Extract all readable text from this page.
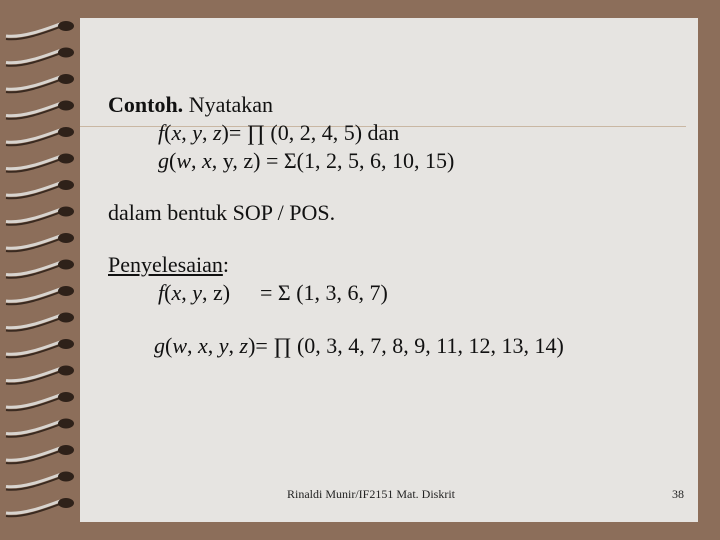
Contoh. Nyatakan
f(x, y, z)= ∏ (0, 2, 4, 5) dan
g(w, x, y, z) = Σ(1, 2, 5, 6, 10, 15)
dalam bentuk SOP / POS.
Penyelesaian:
f(x, y, z) = Σ (1, 3, 6, 7)
g(w, x, y, z)= ∏ (0, 3, 4, 7, 8, 9, 11, 12, 13, 14)
Rinaldi Munir/IF2151 Mat. Diskrit	38
